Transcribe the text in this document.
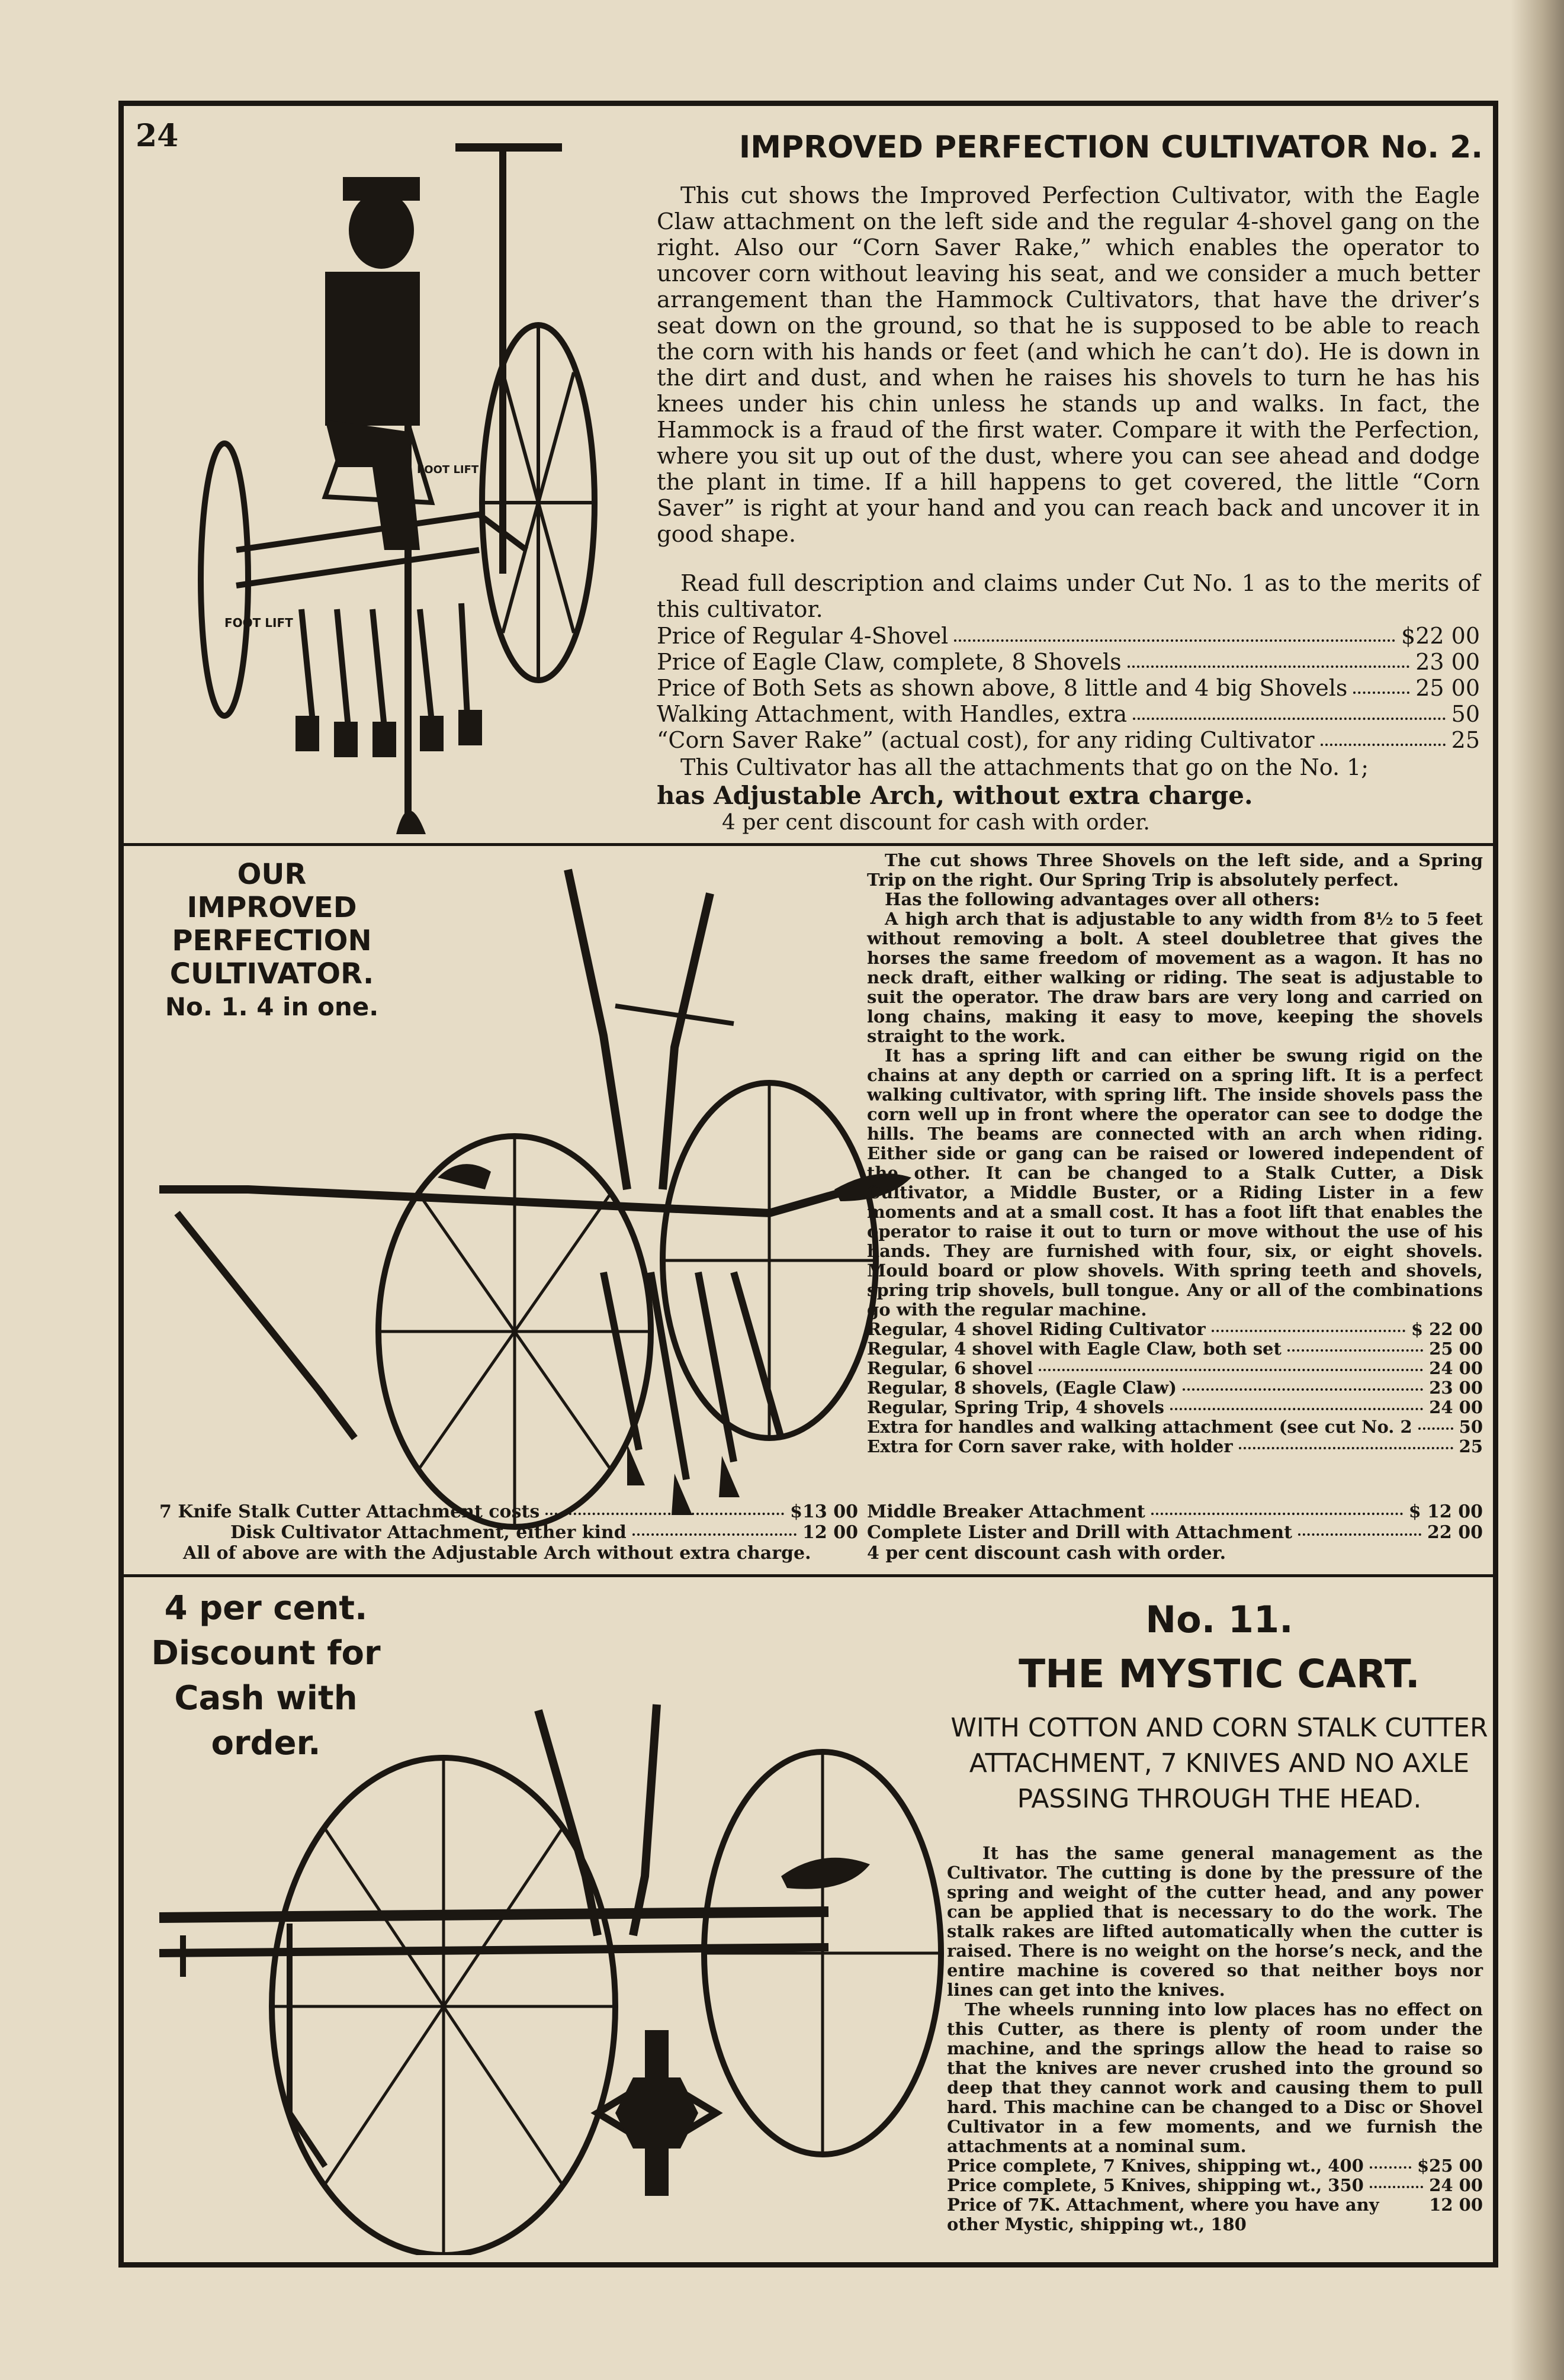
24	IMPROVED PERFECTION CULTIVATOR No. 2.
FOOT LIFT
FOOT LIFT

This cut shows the Improved Perfection Cultivator, with the Eagle Claw attachment on the left side and the regular 4-shovel gang on the right. Also our “Corn Saver Rake,” which enables the operator to uncover corn without leaving his seat, and we consider a much better arrangement than the Hammock Cultivators, that have the driver’s seat down on the ground, so that he is supposed to be able to reach the corn with his hands or feet (and which he can’t do). He is down in the dirt and dust, and when he raises his shovels to turn he has his knees under his chin unless he stands up and walks. In fact, the Hammock is a fraud of the first water. Compare it with the Perfection, where you sit up out of the dust, where you can see ahead and dodge the plant in time. If a hill happens to get covered, the little “Corn Saver” is right at your hand and you can reach back and uncover it in good shape.

Read full description and claims under Cut No. 1 as to the merits of this cultivator.

Price of Regular 4-Shovel	$22 00
Price of Eagle Claw, complete, 8 Shovels	23 00
Price of Both Sets as shown above, 8 little and 4 big Shovels	25 00
Walking Attachment, with Handles, extra	50
“Corn Saver Rake” (actual cost), for any riding Cultivator	25

This Cultivator has all the attachments that go on the No. 1;

has Adjustable Arch, without extra charge.
4 per cent discount for cash with order.
OUR
IMPROVED
PERFECTION
CULTIVATOR.
No. 1. 4 in one.

The cut shows Three Shovels on the left side, and a Spring Trip on the right. Our Spring Trip is absolutely perfect.

Has the following advantages over all others:

A high arch that is adjustable to any width from 8½ to 5 feet without removing a bolt. A steel doubletree that gives the horses the same freedom of movement as a wagon. It has no neck draft, either walking or riding. The seat is adjustable to suit the operator. The draw bars are very long and carried on long chains, making it easy to move, keeping the shovels straight to the work.

It has a spring lift and can either be swung rigid on the chains at any depth or carried on a spring lift. It is a perfect walking cultivator, with spring lift. The inside shovels pass the corn well up in front where the operator can see to dodge the hills. The beams are connected with an arch when riding. Either side or gang can be raised or lowered independent of the other. It can be changed to a Stalk Cutter, a Disk Cultivator, a Middle Buster, or a Riding Lister in a few moments and at a small cost. It has a foot lift that enables the operator to raise it out to turn or move without the use of his hands. They are furnished with four, six, or eight shovels. Mould board or plow shovels. With spring teeth and shovels, spring trip shovels, bull tongue. Any or all of the combinations go with the regular machine.

Regular, 4 shovel Riding Cultivator	$ 22 00
Regular, 4 shovel with Eagle Claw, both set	25 00
Regular, 6 shovel	24 00
Regular, 8 shovels, (Eagle Claw)	23 00
Regular, Spring Trip, 4 shovels	24 00
Extra for handles and walking attachment (see cut No. 2	50
Extra for Corn saver rake, with holder	25
7 Knife Stalk Cutter Attachment costs	$13 00
Disk Cultivator Attachment, either kind	12 00
All of above are with the Adjustable Arch without extra charge.
Middle Breaker Attachment	$ 12 00
Complete Lister and Drill with Attachment	22 00
4 per cent discount cash with order.
4 per cent.
Discount for
Cash with
order.
No. 11.
THE MYSTIC CART.
WITH COTTON AND CORN STALK CUTTER
ATTACHMENT, 7 KNIVES AND NO AXLE
PASSING THROUGH THE HEAD.

It has the same general management as the Cultivator. The cutting is done by the pressure of the spring and weight of the cutter head, and any power can be applied that is necessary to do the work. The stalk rakes are lifted automatically when the cutter is raised. There is no weight on the horse’s neck, and the entire machine is covered so that neither boys nor lines can get into the knives.

The wheels running into low places has no effect on this Cutter, as there is plenty of room under the machine, and the springs allow the head to raise so that the knives are never crushed into the ground so deep that they cannot work and causing them to pull hard. This machine can be changed to a Disc or Shovel Cultivator in a few moments, and we furnish the attachments at a nominal sum.

Price complete, 7 Knives, shipping wt., 400	$25 00
Price complete, 5 Knives, shipping wt., 350	24 00
Price of 7K. Attachment, where you have any other Mystic, shipping wt., 180
12 00
